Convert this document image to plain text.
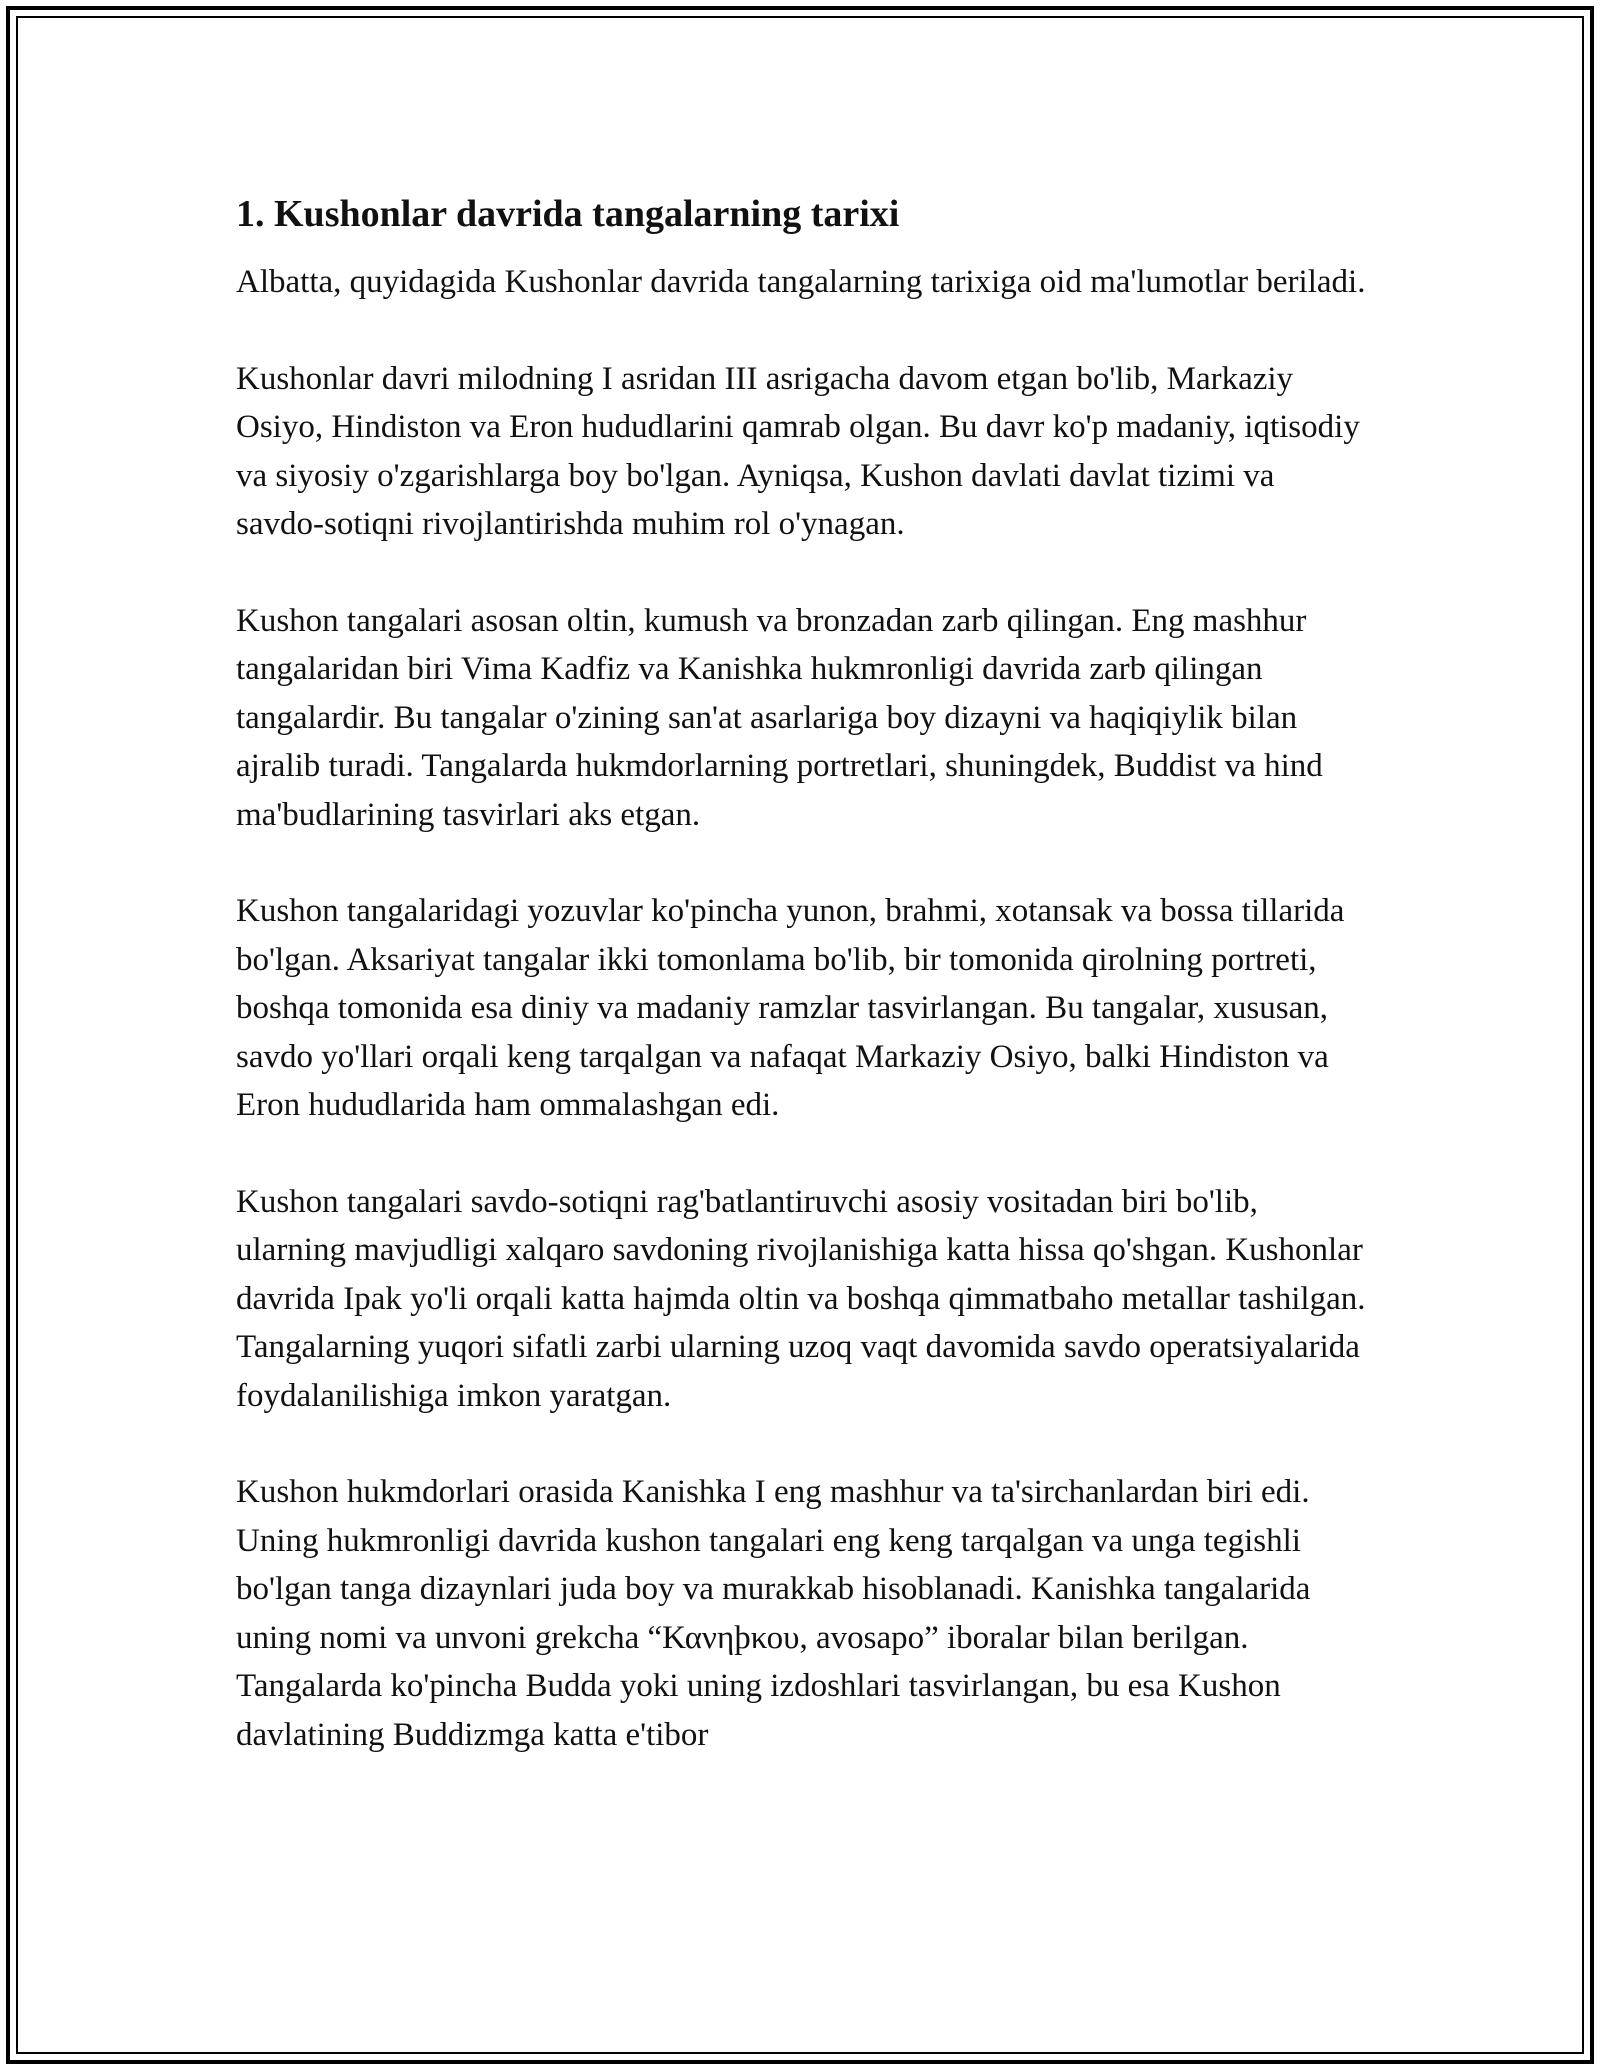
1. Kushonlar davrida tangalarning tarixi

Albatta, quyidagida Kushonlar davrida tangalarning tarixiga oid ma'lumotlar beriladi.

Kushonlar davri milodning I asridan III asrigacha davom etgan bo'lib, Markaziy Osiyo, Hindiston va Eron hududlarini qamrab olgan. Bu davr ko'p madaniy, iqtisodiy va siyosiy o'zgarishlarga boy bo'lgan. Ayniqsa, Kushon davlati davlat tizimi va savdo-sotiqni rivojlantirishda muhim rol o'ynagan.

Kushon tangalari asosan oltin, kumush va bronzadan zarb qilingan. Eng mashhur tangalaridan biri Vima Kadfiz va Kanishka hukmronligi davrida zarb qilingan tangalardir. Bu tangalar o'zining san'at asarlariga boy dizayni va haqiqiylik bilan ajralib turadi. Tangalarda hukmdorlarning portretlari, shuningdek, Buddist va hind ma'budlarining tasvirlari aks etgan.

Kushon tangalaridagi yozuvlar ko'pincha yunon, brahmi, xotansak va bossa tillarida bo'lgan. Aksariyat tangalar ikki tomonlama bo'lib, bir tomonida qirolning portreti, boshqa tomonida esa diniy va madaniy ramzlar tasvirlangan. Bu tangalar, xususan, savdo yo'llari orqali keng tarqalgan va nafaqat Markaziy Osiyo, balki Hindiston va Eron hududlarida ham ommalashgan edi.

Kushon tangalari savdo-sotiqni rag'batlantiruvchi asosiy vositadan biri bo'lib, ularning mavjudligi xalqaro savdoning rivojlanishiga katta hissa qo'shgan. Kushonlar davrida Ipak yo'li orqali katta hajmda oltin va boshqa qimmatbaho metallar tashilgan. Tangalarning yuqori sifatli zarbi ularning uzoq vaqt davomida savdo operatsiyalarida foydalanilishiga imkon yaratgan.

Kushon hukmdorlari orasida Kanishka I eng mashhur va ta'sirchanlardan biri edi. Uning hukmronligi davrida kushon tangalari eng keng tarqalgan va unga tegishli bo'lgan tanga dizaynlari juda boy va murakkab hisoblanadi. Kanishka tangalarida uning nomi va unvoni grekcha “Κανηϸκου, avosapo” iboralar bilan berilgan. Tangalarda ko'pincha Budda yoki uning izdoshlari tasvirlangan, bu esa Kushon davlatining Buddizmga katta e'tibor
